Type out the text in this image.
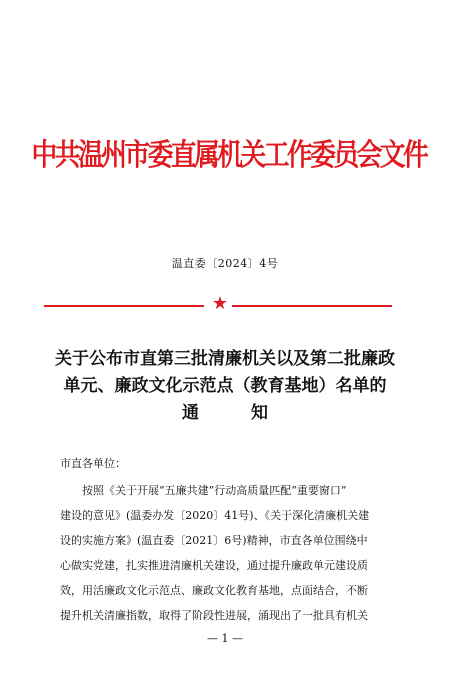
中共温州市委直属机关工作委员会文件
温直委〔2024〕4号
★
关于公布市直第三批清廉机关以及第二批廉政
单元、廉政文化示范点（教育基地）名单的
通知
市直各单位：
按照《关于开展“五廉共建”行动高质量匹配“重要窗口”
建设的意见》(温委办发〔2020〕41号)、《关于深化清廉机关建
设的实施方案》(温直委〔2021〕6号)精神，市直各单位围绕中
心做实党建，扎实推进清廉机关建设，通过提升廉政单元建设质
效，用活廉政文化示范点、廉政文化教育基地，点面结合，不断
提升机关清廉指数，取得了阶段性进展，涌现出了一批具有机关
— 1 —
